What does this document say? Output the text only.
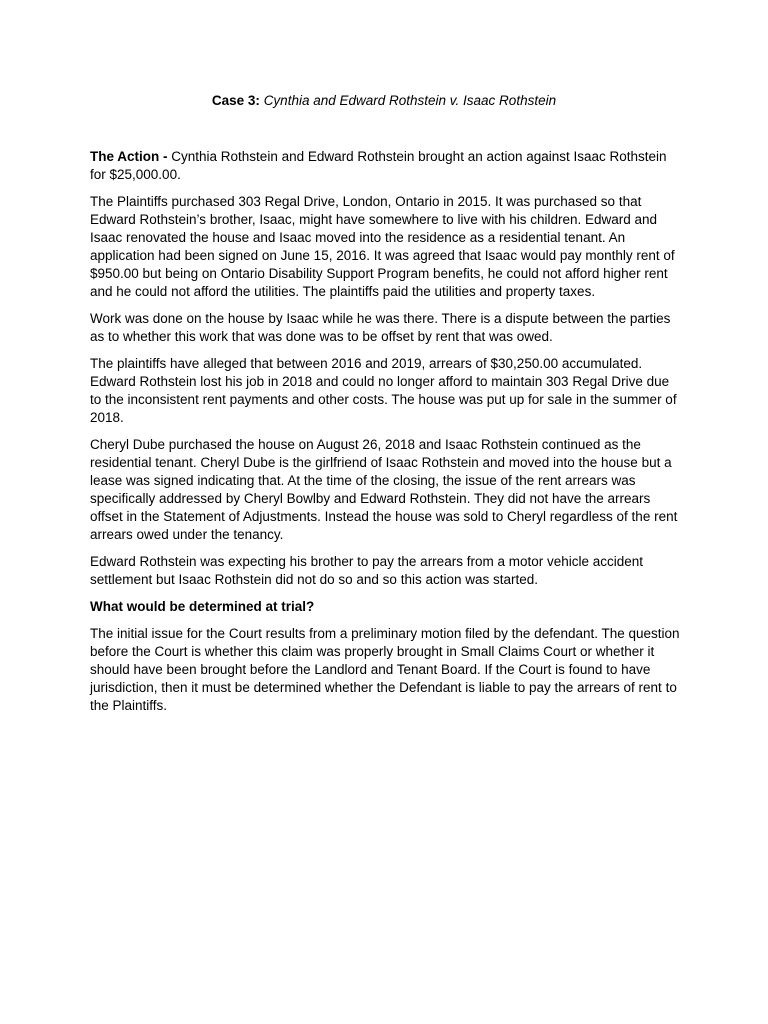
Case 3: Cynthia and Edward Rothstein v. Isaac Rothstein

The Action - Cynthia Rothstein and Edward Rothstein brought an action against Isaac Rothstein for $25,000.00.

The Plaintiffs purchased 303 Regal Drive, London, Ontario in 2015. It was purchased so that Edward Rothstein’s brother, Isaac, might have somewhere to live with his children. Edward and Isaac renovated the house and Isaac moved into the residence as a residential tenant. An application had been signed on June 15, 2016. It was agreed that Isaac would pay monthly rent of $950.00 but being on Ontario Disability Support Program benefits, he could not afford higher rent and he could not afford the utilities. The plaintiffs paid the utilities and property taxes.

Work was done on the house by Isaac while he was there. There is a dispute between the parties as to whether this work that was done was to be offset by rent that was owed.

The plaintiffs have alleged that between 2016 and 2019, arrears of $30,250.00 accumulated. Edward Rothstein lost his job in 2018 and could no longer afford to maintain 303 Regal Drive due to the inconsistent rent payments and other costs. The house was put up for sale in the summer of 2018.

Cheryl Dube purchased the house on August 26, 2018 and Isaac Rothstein continued as the residential tenant. Cheryl Dube is the girlfriend of Isaac Rothstein and moved into the house but a lease was signed indicating that. At the time of the closing, the issue of the rent arrears was specifically addressed by Cheryl Bowlby and Edward Rothstein. They did not have the arrears offset in the Statement of Adjustments. Instead the house was sold to Cheryl regardless of the rent arrears owed under the tenancy.

Edward Rothstein was expecting his brother to pay the arrears from a motor vehicle accident settlement but Isaac Rothstein did not do so and so this action was started.

What would be determined at trial?

The initial issue for the Court results from a preliminary motion filed by the defendant. The question before the Court is whether this claim was properly brought in Small Claims Court or whether it should have been brought before the Landlord and Tenant Board. If the Court is found to have jurisdiction, then it must be determined whether the Defendant is liable to pay the arrears of rent to the Plaintiffs.
